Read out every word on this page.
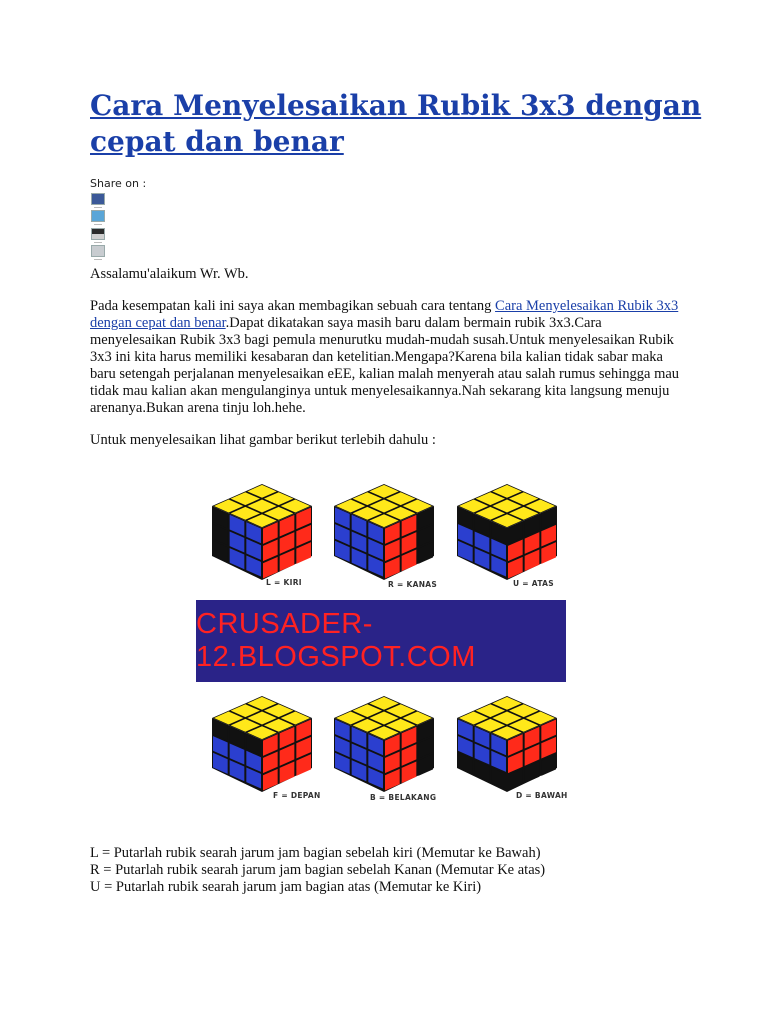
Cara Menyelesaikan Rubik 3x3 dengan cepat dan benar
Share on :
Assalamu'alaikum Wr. Wb.
Pada kesempatan kali ini saya akan membagikan sebuah cara tentang Cara Menyelesaikan Rubik 3x3 dengan cepat dan benar.Dapat dikatakan saya masih baru dalam bermain rubik 3x3.Cara menyelesaikan Rubik 3x3 bagi pemula menurutku mudah-mudah susah.Untuk menyelesaikan Rubik 3x3 ini kita harus memiliki kesabaran dan ketelitian.Mengapa?Karena bila kalian tidak sabar maka baru setengah perjalanan menyelesaikan eEE, kalian malah menyerah atau salah rumus sehingga mau tidak mau kalian akan mengulanginya untuk menyelesaikannya.Nah sekarang kita langsung menuju arenanya.Bukan arena tinju loh.hehe.
Untuk menyelesaikan lihat gambar berikut terlebih dahulu :
L = KIRI	R = KANAS	U = ATAS
CRUSADER-12.BLOGSPOT.COM
F = DEPAN	B = BELAKANG	D = BAWAH
L = Putarlah rubik searah jarum jam bagian sebelah kiri (Memutar ke Bawah)
R = Putarlah rubik searah jarum jam bagian sebelah Kanan (Memutar Ke atas)
U = Putarlah rubik searah jarum jam bagian atas (Memutar ke Kiri)
